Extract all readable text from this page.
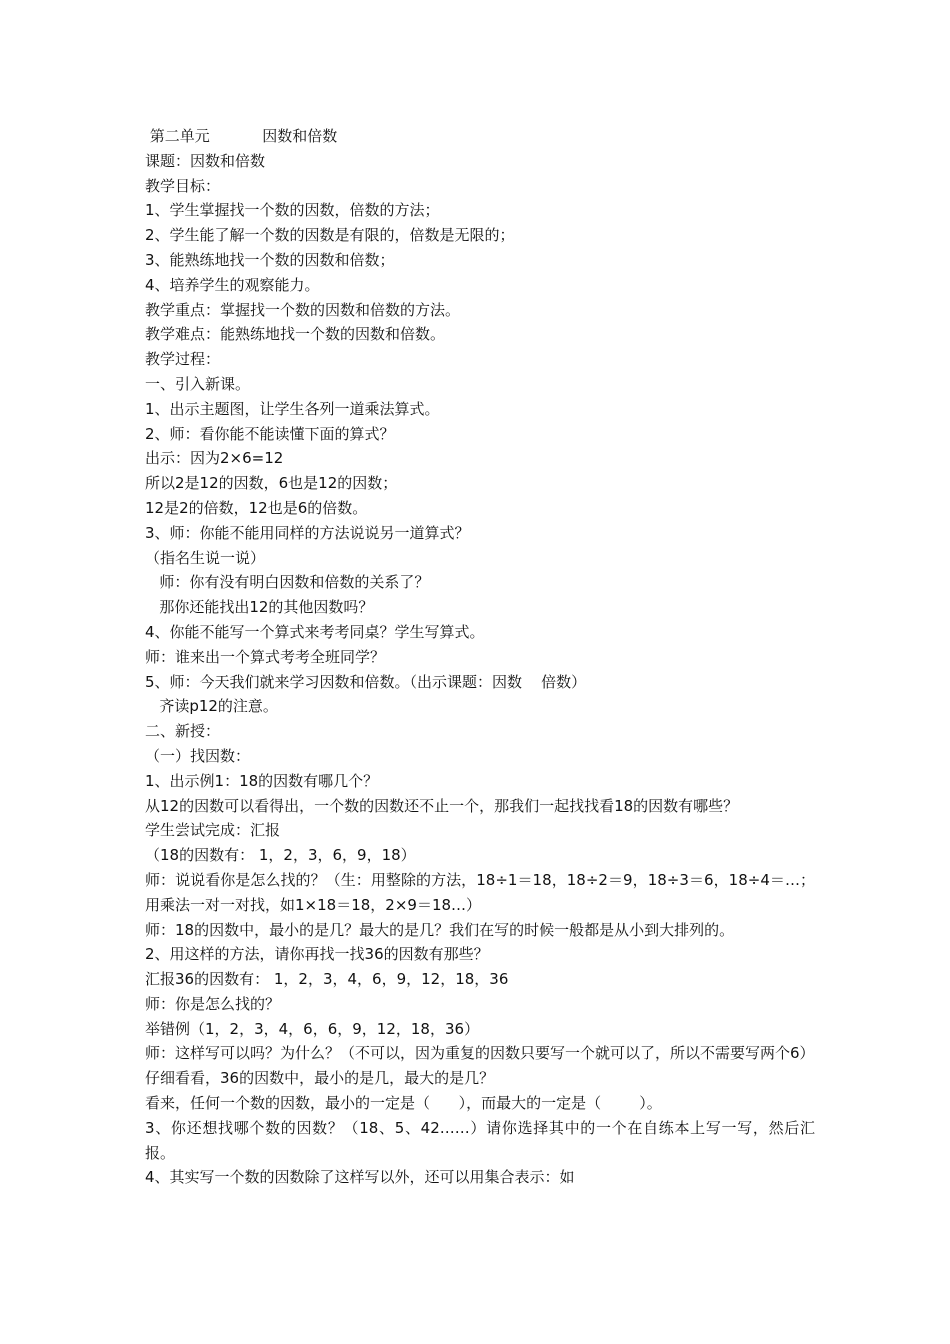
第二单元           因数和倍数

课题：因数和倍数

教学目标：

1、学生掌握找一个数的因数，倍数的方法；

2、学生能了解一个数的因数是有限的，倍数是无限的；

3、能熟练地找一个数的因数和倍数；

4、培养学生的观察能力。

教学重点：掌握找一个数的因数和倍数的方法。

教学难点：能熟练地找一个数的因数和倍数。

教学过程：

一、引入新课。

1、出示主题图，让学生各列一道乘法算式。

2、师：看你能不能读懂下面的算式？

出示：因为2×6=12

所以2是12的因数，6也是12的因数；

12是2的倍数，12也是6的倍数。

3、师：你能不能用同样的方法说说另一道算式？

（指名生说一说）

师：你有没有明白因数和倍数的关系了？

那你还能找出12的其他因数吗？

4、你能不能写一个算式来考考同桌？学生写算式。

师：谁来出一个算式考考全班同学？

5、师：今天我们就来学习因数和倍数。（出示课题：因数    倍数）

齐读p12的注意。

二、新授：

（一）找因数：

1、出示例1：18的因数有哪几个？

从12的因数可以看得出，一个数的因数还不止一个，那我们一起找找看18的因数有哪些？

学生尝试完成：汇报

（18的因数有： 1，2，3，6，9，18）

师：说说看你是怎么找的？（生：用整除的方法，18÷1＝18，18÷2＝9，18÷3＝6，18÷4＝…；用乘法一对一对找，如1×18＝18，2×9＝18…）

师：18的因数中，最小的是几？最大的是几？我们在写的时候一般都是从小到大排列的。

2、用这样的方法，请你再找一找36的因数有那些？

汇报36的因数有： 1，2，3，4，6，9，12，18，36

师：你是怎么找的？

举错例（1，2，3，4，6，6，9，12，18，36）

师：这样写可以吗？为什么？（不可以，因为重复的因数只要写一个就可以了，所以不需要写两个6）

仔细看看，36的因数中，最小的是几，最大的是几？

看来，任何一个数的因数，最小的一定是（      ），而最大的一定是（        ）。

3、你还想找哪个数的因数？（18、5、42……）请你选择其中的一个在自练本上写一写，然后汇报。

4、其实写一个数的因数除了这样写以外，还可以用集合表示：如
